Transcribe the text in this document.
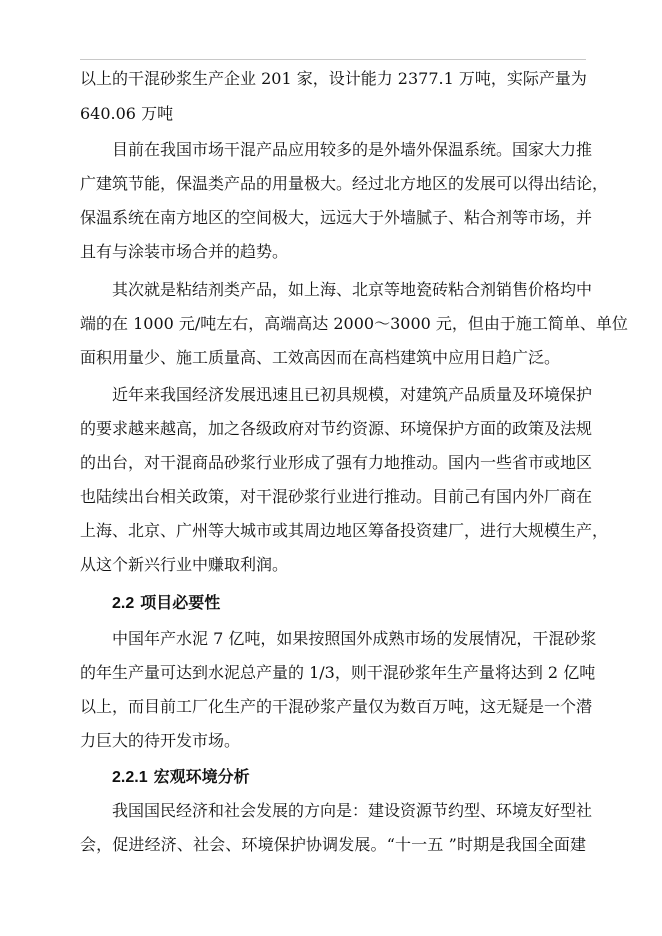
以上的干混砂浆生产企业 201 家，设计能力 2377.1 万吨，实际产量为
640.06 万吨
目前在我国市场干混产品应用较多的是外墙外保温系统。国家大力推
广建筑节能，保温类产品的用量极大。经过北方地区的发展可以得出结论，
保温系统在南方地区的空间极大，远远大于外墙腻子、粘合剂等市场，并
且有与涂装市场合并的趋势。
其次就是粘结剂类产品，如上海、北京等地瓷砖粘合剂销售价格均中
端的在 1000 元/吨左右，高端高达 2000～3000 元，但由于施工简单、单位
面积用量少、施工质量高、工效高因而在高档建筑中应用日趋广泛。
近年来我国经济发展迅速且已初具规模，对建筑产品质量及环境保护
的要求越来越高，加之各级政府对节约资源、环境保护方面的政策及法规
的出台，对干混商品砂浆行业形成了强有力地推动。国内一些省市或地区
也陆续出台相关政策，对干混砂浆行业进行推动。目前己有国内外厂商在
上海、北京、广州等大城市或其周边地区筹备投资建厂，进行大规模生产，
从这个新兴行业中赚取利润。
2.2 项目必要性
中国年产水泥 7 亿吨，如果按照国外成熟市场的发展情况，干混砂浆
的年生产量可达到水泥总产量的 1/3，则干混砂浆年生产量将达到 2 亿吨
以上，而目前工厂化生产的干混砂浆产量仅为数百万吨，这无疑是一个潜
力巨大的待开发市场。
2.2.1 宏观环境分析
我国国民经济和社会发展的方向是：建设资源节约型、环境友好型社
会，促进经济、社会、环境保护协调发展。“十一五 ”时期是我国全面建
